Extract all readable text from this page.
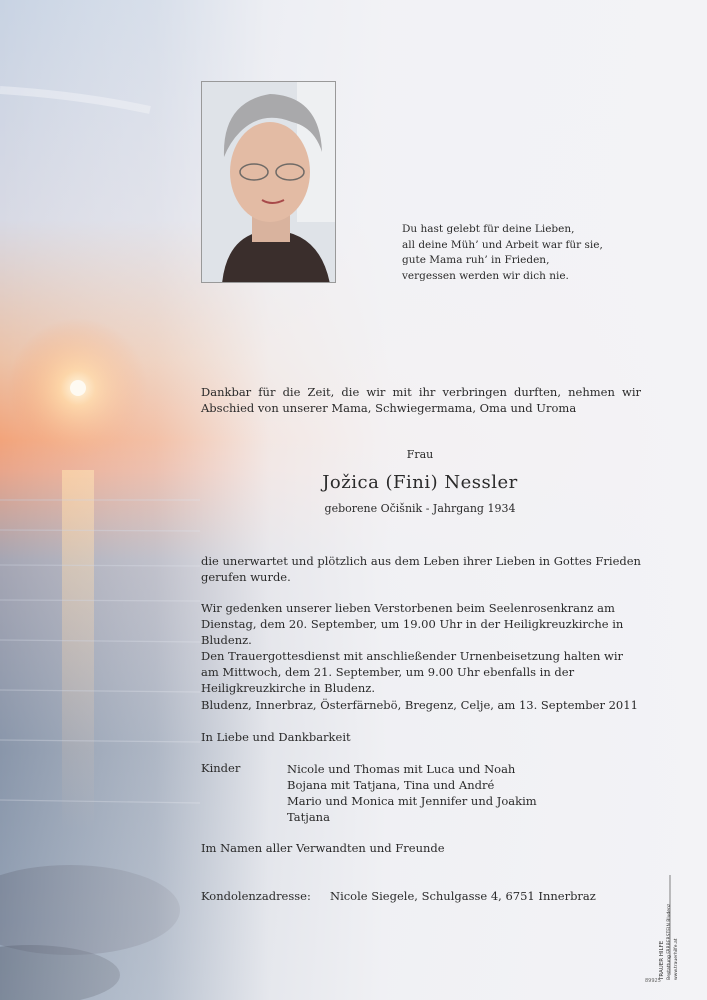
Du hast gelebt für deine Lieben,
all deine Müh’ und Arbeit war für sie,
gute Mama ruh’ in Frieden,
vergessen werden wir dich nie.
Dankbar für die Zeit, die wir mit ihr verbringen durften, nehmen wir Abschied von unserer Mama, Schwiegermama, Oma und Uroma
Frau
Jožica (Fini) Nessler
geborene Očišnik - Jahrgang 1934
die unerwartet und plötzlich aus dem Leben ihrer Lieben in Gottes Frieden gerufen wurde.
Wir gedenken unserer lieben Verstorbenen beim Seelenrosenkranz am Dienstag, dem 20. September, um 19.00 Uhr in der Heiligkreuzkirche in Bludenz.
Den Trauergottesdienst mit anschließender Urnenbeisetzung halten wir am Mittwoch, dem 21. September, um 9.00 Uhr ebenfalls in der Heiligkreuzkirche in Bludenz.
Bludenz, Innerbraz, Österfärnebö, Bregenz, Celje, am 13. September 2011
In Liebe und Dankbarkeit
Kinder	Nicole und Thomas mit Luca und Noah
Bojana mit Tatjana, Tina und André
Mario und Monica mit Jennifer und Joakim
Tatjana
Im Namen aller Verwandten und Freunde
Kondolenzadresse: Nicole Siegele, Schulgasse 4, 6751 Innerbraz
TRAUER HILFE Bestattung FÄRBERSTEIN Bludenz www.trauerhilfe.at
89925
